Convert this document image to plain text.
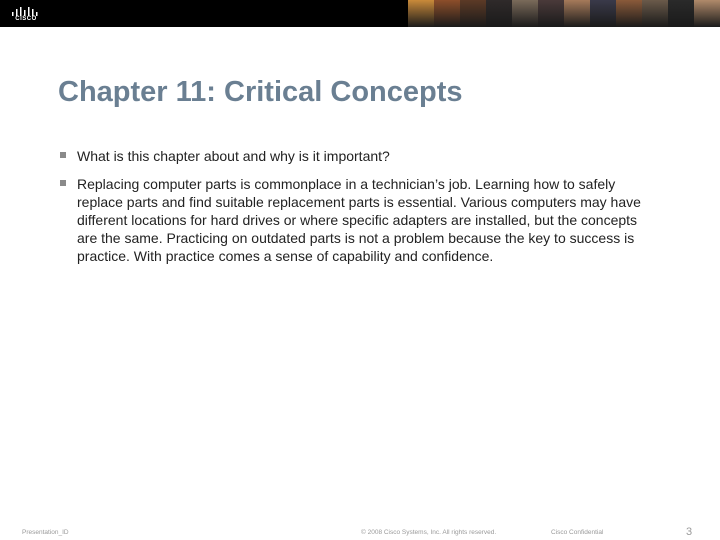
CISCO
Chapter 11: Critical Concepts
What is this chapter about and why is it important?
Replacing computer parts is commonplace in a technician’s job. Learning how to safely replace parts and find suitable replacement parts is essential. Various computers may have different locations for hard drives or where specific adapters are installed, but the concepts are the same. Practicing on outdated parts is not a problem because the key to success is practice. With practice comes a sense of capability and confidence.
Presentation_ID	© 2008 Cisco Systems, Inc. All rights reserved.	Cisco Confidential	3
